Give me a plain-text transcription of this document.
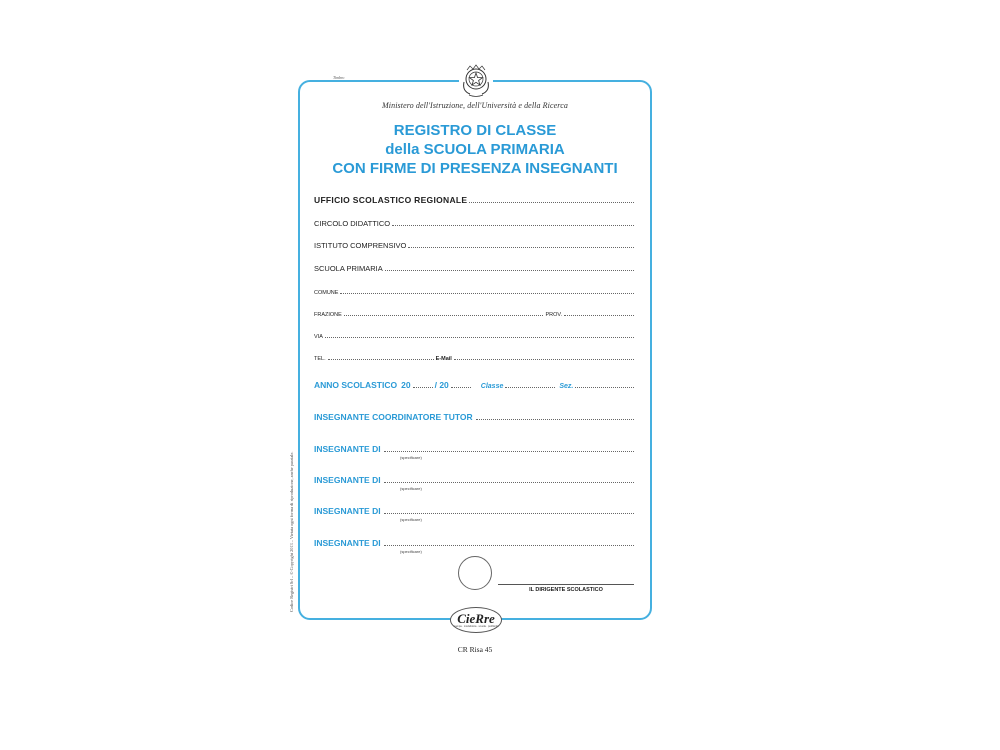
Timbro
Ministero dell'Istruzione, dell'Università e della Ricerca
REGISTRO DI CLASSE
della SCUOLA PRIMARIA
CON FIRME DI PRESENZA INSEGNANTI
UFFICIO SCOLASTICO REGIONALE
CIRCOLO DIDATTICO
ISTITUTO COMPRENSIVO
SCUOLA PRIMARIA
COMUNE
FRAZIONE	PROV.
VIA
TEL.	E-Mail
ANNO SCOLASTICO 20	/ 20	Classe	Sez.
INSEGNANTE COORDINATORE TUTOR
INSEGNANTE DI
(specificare)
INSEGNANTE DI
(specificare)
INSEGNANTE DI
(specificare)
INSEGNANTE DI
(specificare)
IL DIRIGENTE SCOLASTICO
Codice Registri Srl – © Copyright 2013 – Vietata ogni forma di riproduzione, anche parziale.
CieRre
stampa · modulistica · scuola · pubblicità
CR Risa 45
